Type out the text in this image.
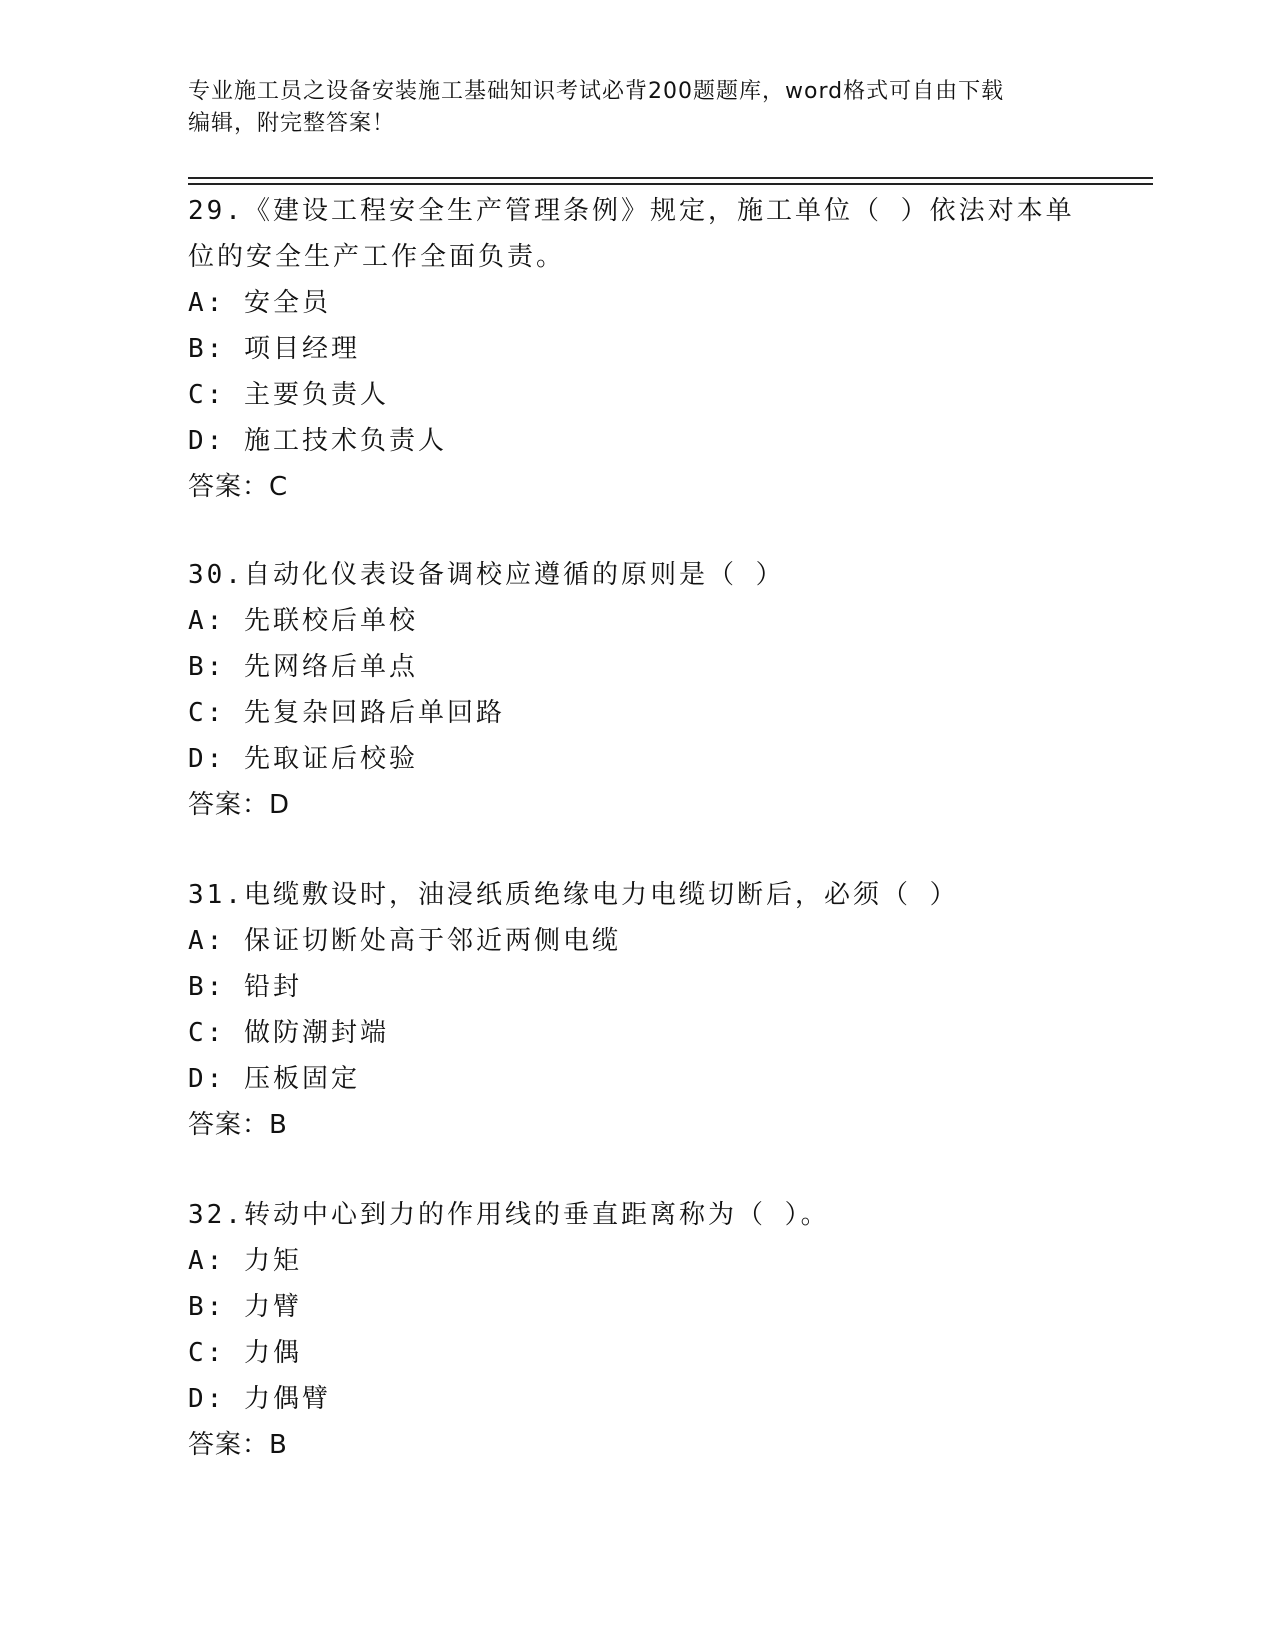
专业施工员之设备安装施工基础知识考试必背200题题库，word格式可自由下载
编辑，附完整答案！

29.《建设工程安全生产管理条例》规定，施工单位（ ）依法对本单

位的安全生产工作全面负责。

A: 安全员

B: 项目经理

C: 主要负责人

D: 施工技术负责人

答案：C

30.自动化仪表设备调校应遵循的原则是（ ）

A: 先联校后单校

B: 先网络后单点

C: 先复杂回路后单回路

D: 先取证后校验

答案：D

31.电缆敷设时，油浸纸质绝缘电力电缆切断后，必须（ ）

A: 保证切断处高于邻近两侧电缆

B: 铅封

C: 做防潮封端

D: 压板固定

答案：B

32.转动中心到力的作用线的垂直距离称为（ ）。

A: 力矩

B: 力臂

C: 力偶

D: 力偶臂

答案：B
